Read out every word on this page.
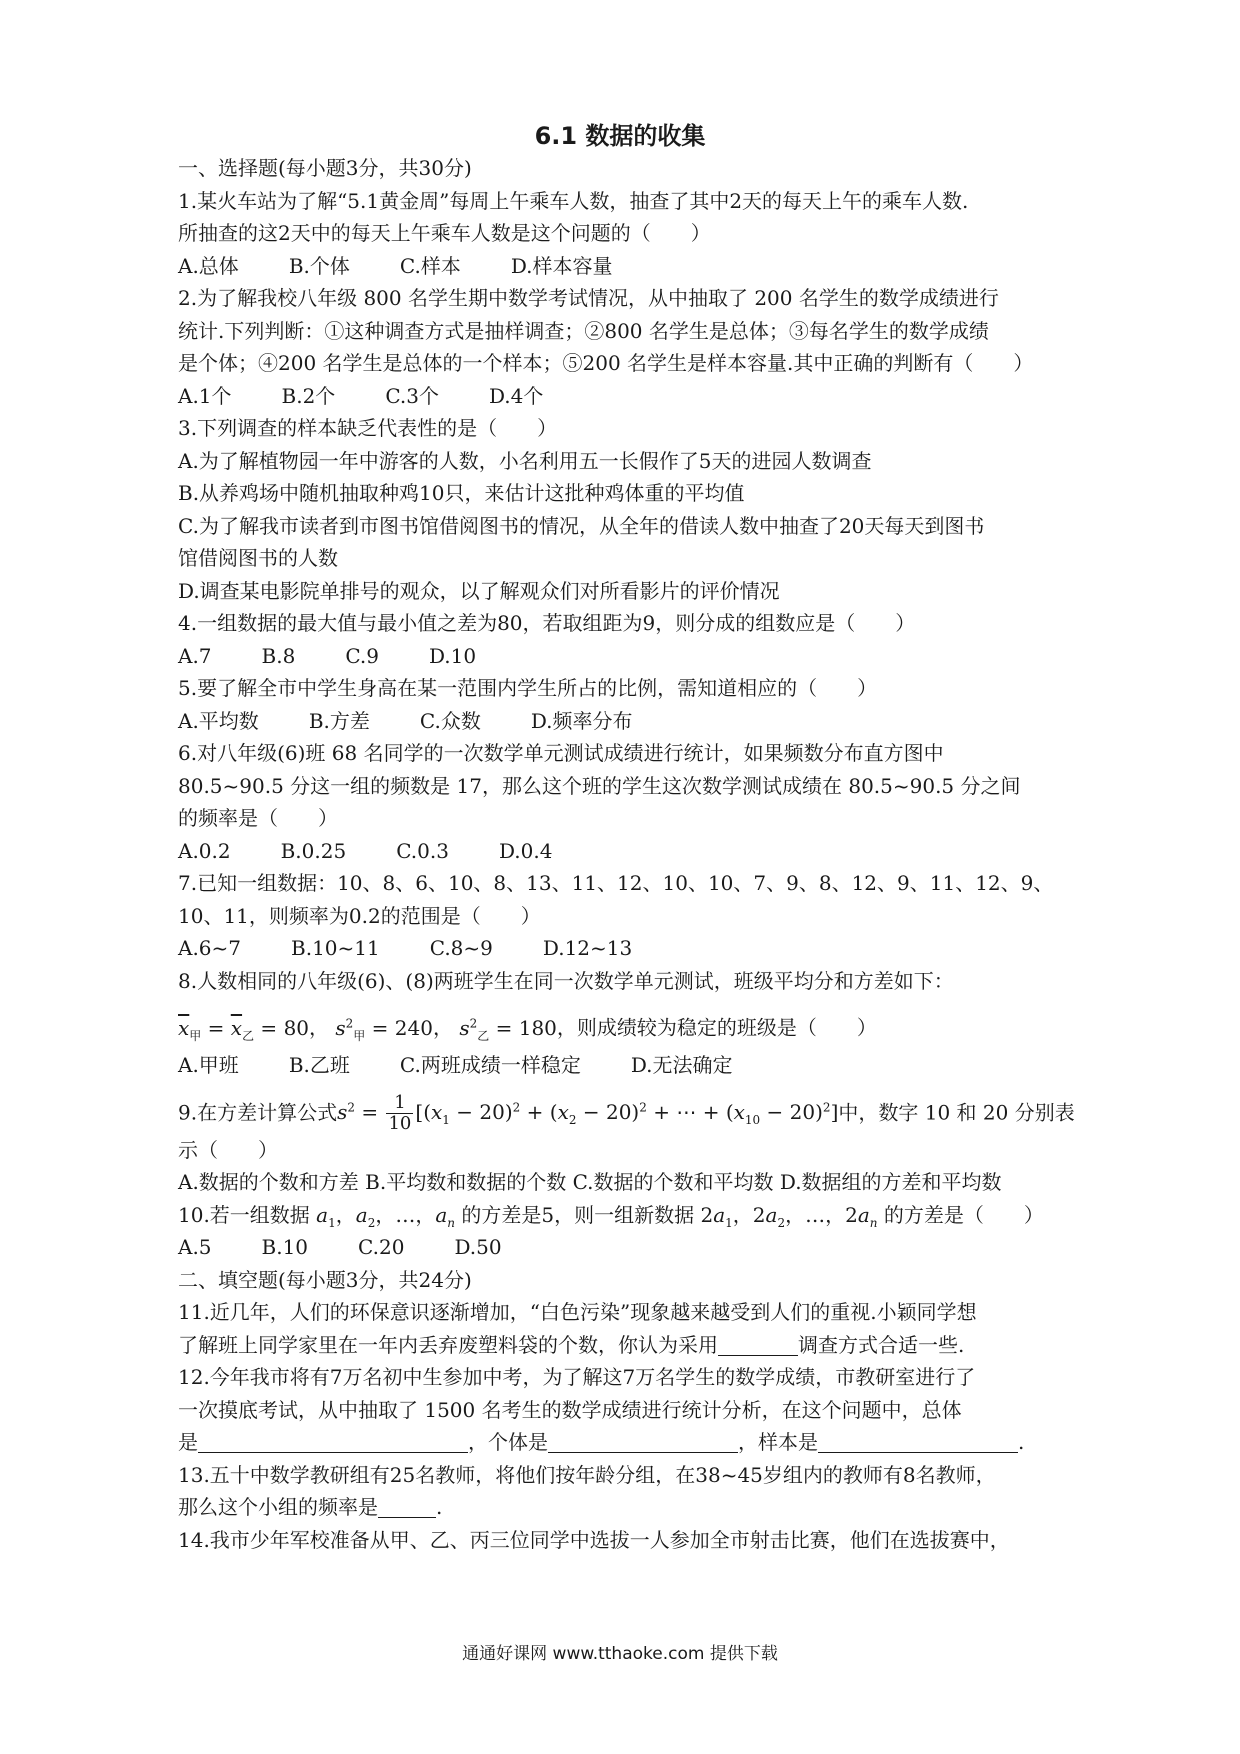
6.1 数据的收集
一、选择题(每小题3分，共30分)
1.某火车站为了解“5.1黄金周”每周上午乘车人数，抽查了其中2天的每天上午的乘车人数.
所抽查的这2天中的每天上午乘车人数是这个问题的（　　）
A.总体	B.个体	C.样本	D.样本容量
2.为了解我校八年级 800 名学生期中数学考试情况，从中抽取了 200 名学生的数学成绩进行
统计.下列判断：①这种调查方式是抽样调查；②800 名学生是总体；③每名学生的数学成绩
是个体；④200 名学生是总体的一个样本；⑤200 名学生是样本容量.其中正确的判断有（　　）
A.1个	B.2个	C.3个	D.4个
3.下列调查的样本缺乏代表性的是（　　）
A.为了解植物园一年中游客的人数，小名利用五一长假作了5天的进园人数调查
B.从养鸡场中随机抽取种鸡10只，来估计这批种鸡体重的平均值
C.为了解我市读者到市图书馆借阅图书的情况，从全年的借读人数中抽查了20天每天到图书
馆借阅图书的人数
D.调查某电影院单排号的观众，以了解观众们对所看影片的评价情况
4.一组数据的最大值与最小值之差为80，若取组距为9，则分成的组数应是（　　）
A.7	B.8	C.9	D.10
5.要了解全市中学生身高在某一范围内学生所占的比例，需知道相应的（　　）
A.平均数	B.方差	C.众数	D.频率分布
6.对八年级(6)班 68 名同学的一次数学单元测试成绩进行统计，如果频数分布直方图中
80.5~90.5 分这一组的频数是 17，那么这个班的学生这次数学测试成绩在 80.5~90.5 分之间
的频率是（　　）
A.0.2	B.0.25	C.0.3	D.0.4
7.已知一组数据：10、8、6、10、8、13、11、12、10、10、7、9、8、12、9、11、12、9、
10、11，则频率为0.2的范围是（　　）
A.6~7	B.10~11	C.8~9	D.12~13
8.人数相同的八年级(6)、(8)两班学生在同一次数学单元测试，班级平均分和方差如下：
$\overline{x}_甲 = \overline{x}_乙 = 80$， $s^2_甲 = 240$， $s^2_乙 = 180$，则成绩较为稳定的班级是（　　）
A.甲班	B.乙班	C.两班成绩一样稳定	D.无法确定
9.在方差计算公式$s^2 = \frac{1}{10} [(x_1 - 20)^2 + (x_2 - 20)^2$ + ⋯ + $(x_{10} - 20)^2$]中，数字 10 和 20 分别表
示（　　）
A.数据的个数和方差 B.平均数和数据的个数 C.数据的个数和平均数 D.数据组的方差和平均数
10.若一组数据 $a_1$，$a_2$，…，$a_n$ 的方差是5，则一组新数据 $2a_1$，$2a_2$，…，$2a_n$ 的方差是（　　）
A.5	B.10	C.20	D.50
二、填空题(每小题3分，共24分)
11.近几年，人们的环保意识逐渐增加，“白色污染”现象越来越受到人们的重视.小颖同学想
了解班上同学家里在一年内丢弃废塑料袋的个数，你认为采用	调查方式合适一些.
12.今年我市将有7万名初中生参加中考，为了解这7万名学生的数学成绩，市教研室进行了
一次摸底考试，从中抽取了 1500 名考生的数学成绩进行统计分析，在这个问题中，总体
是	，个体是	，样本是	.
13.五十中数学教研组有25名教师，将他们按年龄分组，在38~45岁组内的教师有8名教师，
那么这个小组的频率是	.
14.我市少年军校准备从甲、乙、丙三位同学中选拔一人参加全市射击比赛，他们在选拔赛中，
通通好课网 www.tthaoke.com 提供下载
